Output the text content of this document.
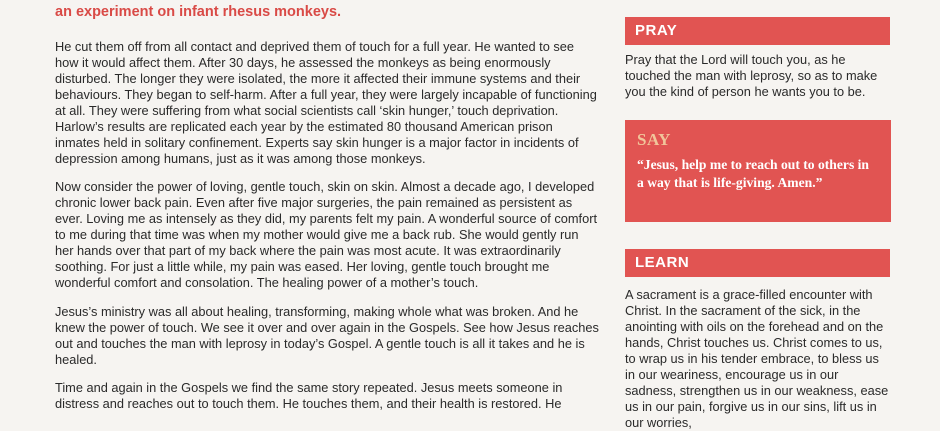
an experiment on infant rhesus monkeys.

He cut them off from all contact and deprived them of touch for a full year. He wanted to see how it would affect them. After 30 days, he assessed the monkeys as being enormously disturbed. The longer they were isolated, the more it affected their immune systems and their behaviours. They began to self-harm. After a full year, they were largely incapable of functioning at all. They were suffering from what social scientists call ‘skin hunger,’ touch deprivation. Harlow’s results are replicated each year by the estimated 80 thousand American prison inmates held in solitary confinement. Experts say skin hunger is a major factor in incidents of depression among humans, just as it was among those monkeys.

Now consider the power of loving, gentle touch, skin on skin. Almost a decade ago, I developed chronic lower back pain. Even after five major surgeries, the pain remained as persistent as ever. Loving me as intensely as they did, my parents felt my pain. A wonderful source of comfort to me during that time was when my mother would give me a back rub. She would gently run her hands over that part of my back where the pain was most acute. It was extraordinarily soothing. For just a little while, my pain was eased. Her loving, gentle touch brought me wonderful comfort and consolation. The healing power of a mother’s touch.

Jesus’s ministry was all about healing, transforming, making whole what was broken. And he knew the power of touch. We see it over and over again in the Gospels. See how Jesus reaches out and touches the man with leprosy in today’s Gospel. A gentle touch is all it takes and he is healed.

Time and again in the Gospels we find the same story repeated. Jesus meets someone in distress and reaches out to touch them. He touches them, and their health is restored. He

PRAY

Pray that the Lord will touch you, as he touched the man with leprosy, so as to make you the kind of person he wants you to be.

SAY

“Jesus, help me to reach out to others in a way that is life-giving. Amen.”

LEARN

A sacrament is a grace-filled encounter with Christ. In the sacrament of the sick, in the anointing with oils on the forehead and on the hands, Christ touches us. Christ comes to us, to wrap us in his tender embrace, to bless us in our weariness, encourage us in our sadness, strengthen us in our weakness, ease us in our pain, forgive us in our sins, lift us in our worries,
